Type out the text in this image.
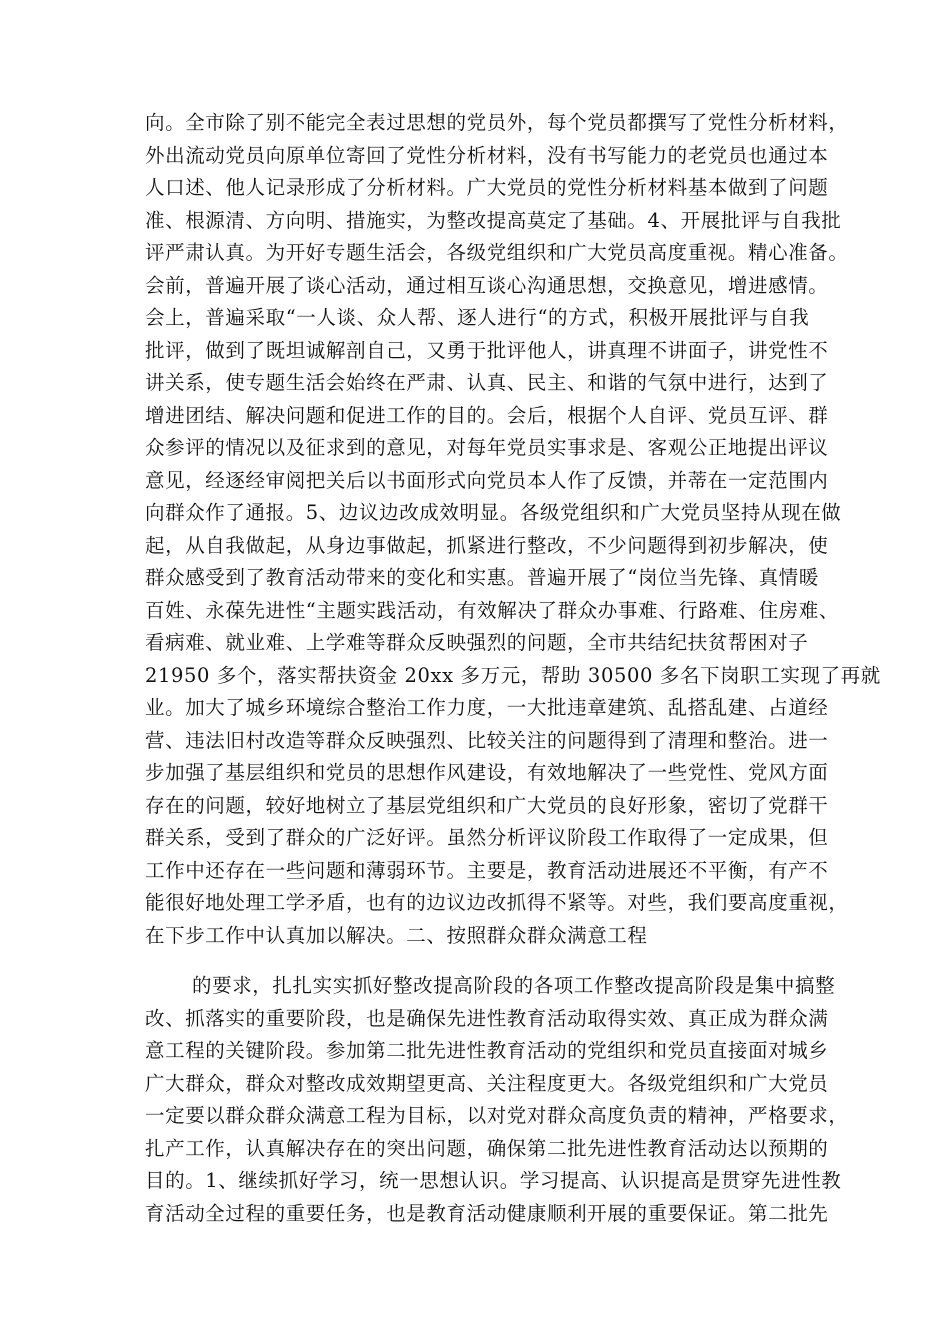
向。全市除了别不能完全表过思想的党员外，每个党员都撰写了党性分析材料，
外出流动党员向原单位寄回了党性分析材料，没有书写能力的老党员也通过本
人口述、他人记录形成了分析材料。广大党员的党性分析材料基本做到了问题
准、根源清、方向明、措施实，为整改提高莫定了基础。4、开展批评与自我批
评严肃认真。为开好专题生活会，各级党组织和广大党员高度重视。精心准备。
会前，普遍开展了谈心活动，通过相互谈心沟通思想，交换意见，增进感情。
会上，普遍采取“一人谈、众人帮、逐人进行“的方式，积极开展批评与自我
批评，做到了既坦诚解剖自己，又勇于批评他人，讲真理不讲面子，讲党性不
讲关系，使专题生活会始终在严肃、认真、民主、和谐的气氛中进行，达到了
增进团结、解决问题和促进工作的目的。会后，根据个人自评、党员互评、群
众参评的情况以及征求到的意见，对每年党员实事求是、客观公正地提出评议
意见，经逐经审阅把关后以书面形式向党员本人作了反馈，并蒂在一定范围内
向群众作了通报。5、边议边改成效明显。各级党组织和广大党员坚持从现在做
起，从自我做起，从身边事做起，抓紧进行整改，不少问题得到初步解决，使
群众感受到了教育活动带来的变化和实惠。普遍开展了“岗位当先锋、真情暖
百姓、永葆先进性“主题实践活动，有效解决了群众办事难、行路难、住房难、
看病难、就业难、上学难等群众反映强烈的问题，全市共结纪扶贫帮困对子
21950 多个，落实帮扶资金 20xx 多万元，帮助 30500 多名下岗职工实现了再就
业。加大了城乡环境综合整治工作力度，一大批违章建筑、乱搭乱建、占道经
营、违法旧村改造等群众反映强烈、比较关注的问题得到了清理和整治。进一
步加强了基层组织和党员的思想作风建设，有效地解决了一些党性、党风方面
存在的问题，较好地树立了基层党组织和广大党员的良好形象，密切了党群干
群关系，受到了群众的广泛好评。虽然分析评议阶段工作取得了一定成果，但
工作中还存在一些问题和薄弱环节。主要是，教育活动进展还不平衡，有产不
能很好地处理工学矛盾，也有的边议边改抓得不紧等。对些，我们要高度重视，
在下步工作中认真加以解决。二、按照群众群众满意工程
的要求，扎扎实实抓好整改提高阶段的各项工作整改提高阶段是集中搞整
改、抓落实的重要阶段，也是确保先进性教育活动取得实效、真正成为群众满
意工程的关键阶段。参加第二批先进性教育活动的党组织和党员直接面对城乡
广大群众，群众对整改成效期望更高、关注程度更大。各级党组织和广大党员
一定要以群众群众满意工程为目标，以对党对群众高度负责的精神，严格要求，
扎产工作，认真解决存在的突出问题，确保第二批先进性教育活动达以预期的
目的。1、继续抓好学习，统一思想认识。学习提高、认识提高是贯穿先进性教
育活动全过程的重要任务，也是教育活动健康顺利开展的重要保证。第二批先
